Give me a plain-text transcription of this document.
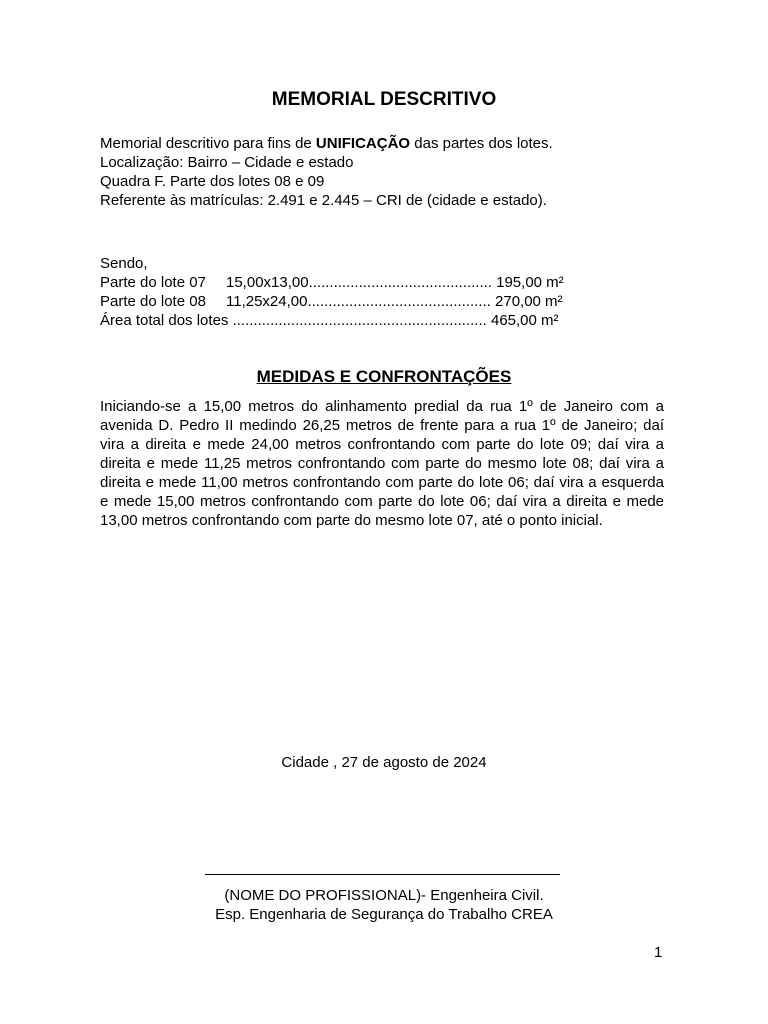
MEMORIAL DESCRITIVO
Memorial descritivo para fins de UNIFICAÇÃO das partes dos lotes.
Localização: Bairro – Cidade e estado
Quadra F. Parte dos lotes 08 e 09
Referente às matrículas: 2.491 e 2.445 – CRI de (cidade e estado).
Sendo,
Parte do lote 07 15,00x13,00............................................ 195,00 m²
Parte do lote 08 11,25x24,00............................................ 270,00 m²
Área total dos lotes ............................................................. 465,00 m²
MEDIDAS E CONFRONTAÇÕES

Iniciando-se a 15,00 metros do alinhamento predial da rua 1º de Janeiro com a avenida D. Pedro II medindo 26,25 metros de frente para a rua 1º de Janeiro; daí vira a direita e mede 24,00 metros confrontando com parte do lote 09; daí vira a direita e mede 11,25 metros confrontando com parte do mesmo lote 08; daí vira a direita e mede 11,00 metros confrontando com parte do lote 06; daí vira a esquerda e mede 15,00 metros confrontando com parte do lote 06; daí vira a direita e mede 13,00 metros confrontando com parte do mesmo lote 07, até o ponto inicial.

Cidade , 27 de agosto de 2024
(NOME DO PROFISSIONAL)- Engenheira Civil.
Esp. Engenharia de Segurança do Trabalho CREA
1
